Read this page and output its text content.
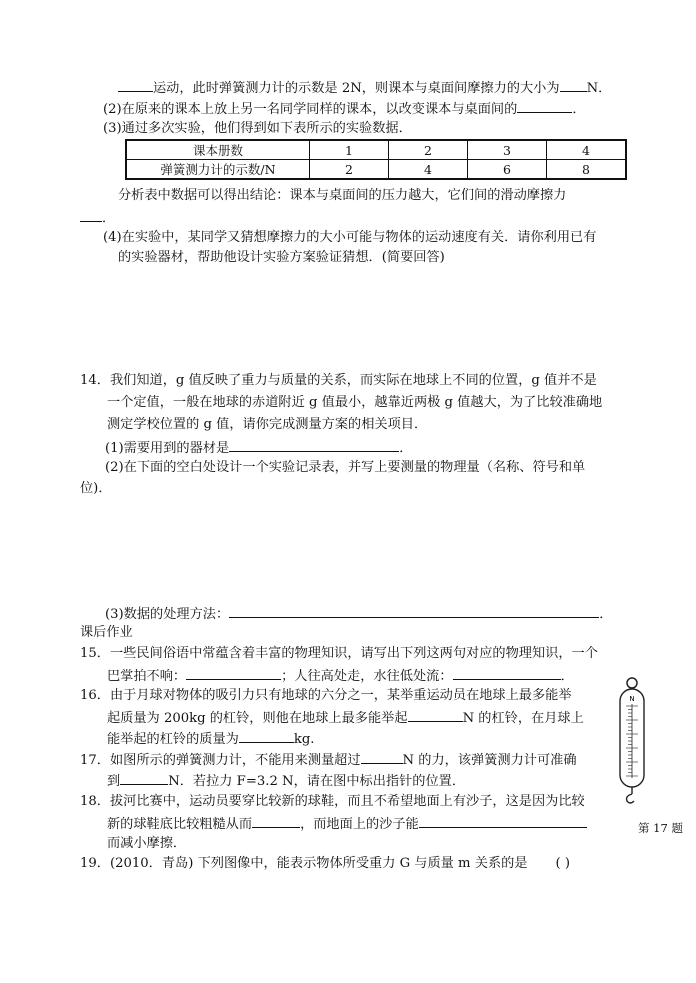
运动，此时弹簧测力计的示数是 2N，则课本与桌面间摩擦力的大小为 N．
(2)在原来的课本上放上另一名同学同样的课本，以改变课本与桌面间的	．
(3)通过多次实验，他们得到如下表所示的实验数据．
课本册数	1	2	3	4
弹簧测力计的示数/N	2	4	6	8
分析表中数据可以得出结论：课本与桌面间的压力越大，它们间的滑动摩擦力
．
(4)在实验中，某同学又猜想摩擦力的大小可能与物体的运动速度有关．请你利用已有
的实验器材，帮助他设计实验方案验证猜想．(简要回答)
14．我们知道，g 值反映了重力与质量的关系，而实际在地球上不同的位置，g 值并不是
一个定值，一般在地球的赤道附近 g 值最小，越靠近两极 g 值越大，为了比较准确地
测定学校位置的 g 值，请你完成测量方案的相关项目．
(1)需要用到的器材是	．
(2)在下面的空白处设计一个实验记录表，并写上要测量的物理量（名称、符号和单
位)．
(3)数据的处理方法：	．
课后作业
15．一些民间俗语中常蕴含着丰富的物理知识，请写出下列这两句对应的物理知识，一个
巴掌拍不响：	；人往高处走，水往低处流：	．
16．由于月球对物体的吸引力只有地球的六分之一，某举重运动员在地球上最多能举
起质量为 200kg 的杠铃，则他在地球上最多能举起	N 的杠铃，在月球上
能举起的杠铃的质量为	kg.
17．如图所示的弹簧测力计，不能用来测量超过	N 的力，该弹簧测力计可准确
到	N．若拉力 F=3.2 N，请在图中标出指针的位置．
18．拔河比赛中，运动员要穿比较新的球鞋，而且不希望地面上有沙子，这是因为比较
新的球鞋底比较粗糙从而	，而地面上的沙子能
而减小摩擦．
19．(2010．青岛) 下列图像中，能表示物体所受重力 G 与质量 m 关系的是 ( )
N
第 17 题
